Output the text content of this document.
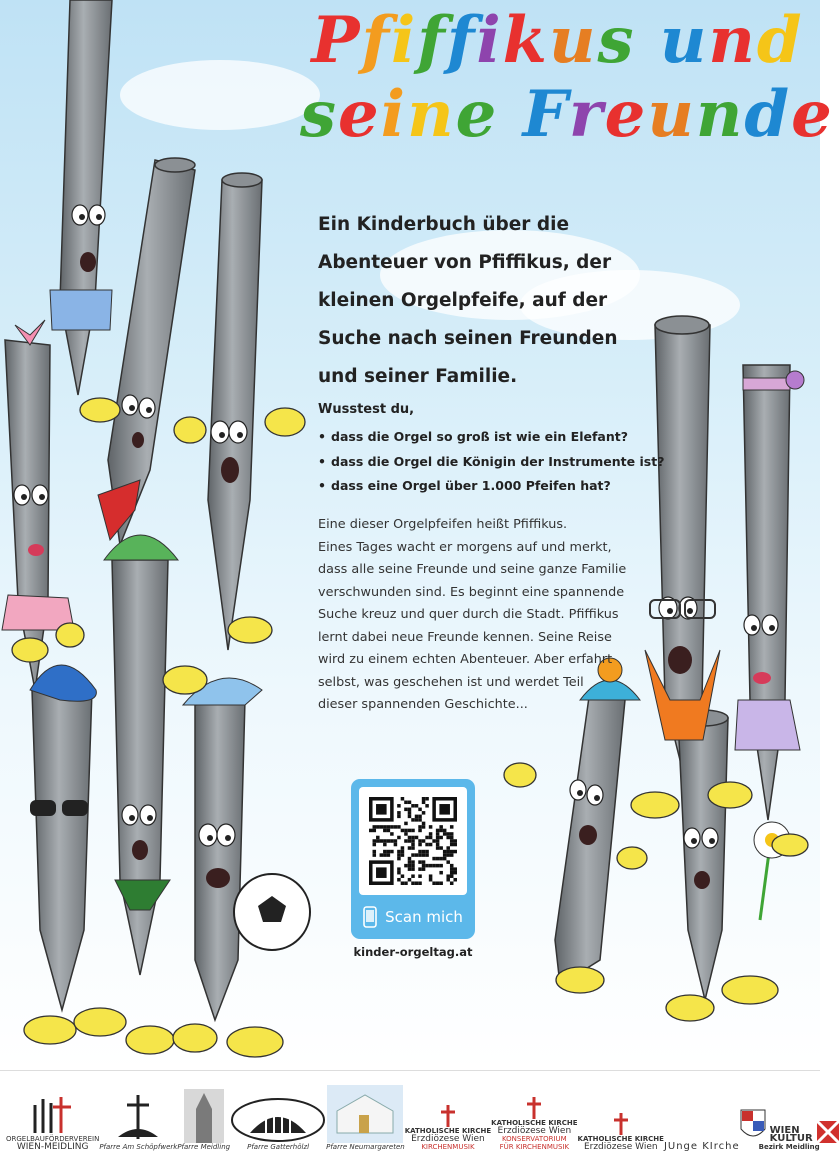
Pfiffikus und
seine Freunde

Ein Kinderbuch über die
Abenteuer von Pfiffikus, der
kleinen Orgelpfeife, auf der
Suche nach seinen Freunden
und seiner Familie.

Wusstest du,

• dass die Orgel so groß ist wie ein Elefant?
• dass die Orgel die Königin der Instrumente ist?
• dass eine Orgel über 1.000 Pfeifen hat?

Eine dieser Orgelpfeifen heißt Pfiffikus.
Eines Tages wacht er morgens auf und merkt,
dass alle seine Freunde und seine ganze Familie
verschwunden sind. Es beginnt eine spannende
Suche kreuz und quer durch die Stadt. Pfiffikus
lernt dabei neue Freunde kennen. Seine Reise
wird zu einem echten Abenteuer. Aber erfahrt
selbst, was geschehen ist und werdet Teil
dieser spannenden Geschichte...

Scan mich

kinder-orgeltag.at

ORGELBAUFÖRDERVEREIN
WIEN-MEIDLING Pfarre Am Schöpfwerk Pfarre Meidling Pfarre Gatterhölzl Pfarre Neumargareten
KATHOLISCHE KIRCHE
Erzdiözese Wien
KIRCHENMUSIK
KATHOLISCHE KIRCHE
Erzdiözese Wien
KONSERVATORIUM
FÜR KIRCHENMUSIK
KATHOLISCHE KIRCHE
Erzdiözese Wien JUnge KIrche
WIEN
KULTUR
Bezirk Meidling
